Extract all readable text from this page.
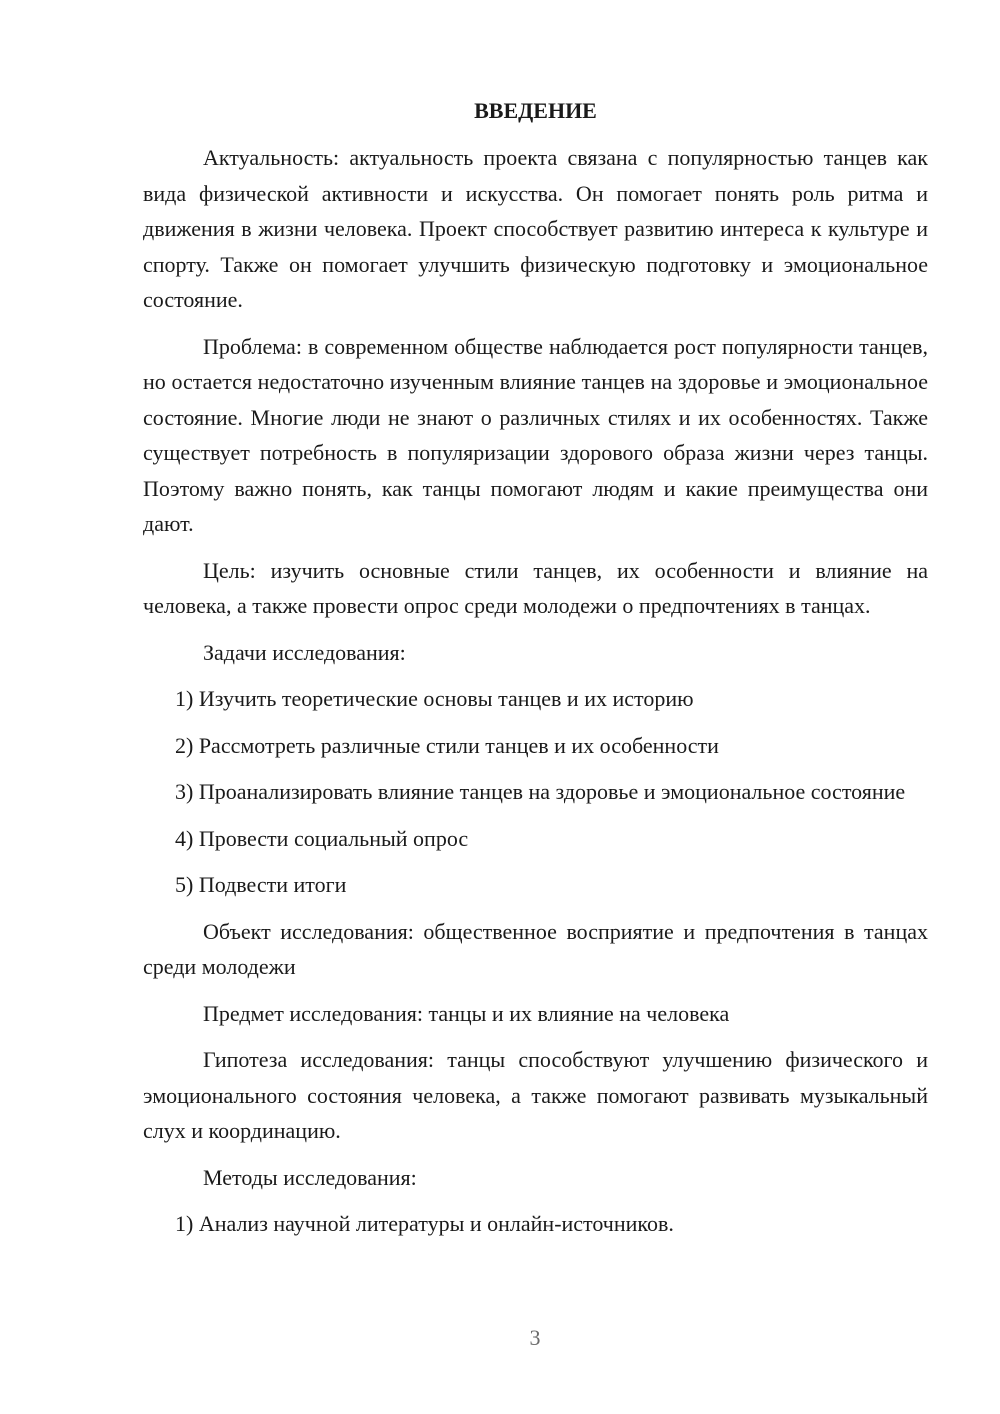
ВВЕДЕНИЕ

Актуальность: актуальность проекта связана с популярностью танцев как вида физической активности и искусства. Он помогает понять роль ритма и движения в жизни человека. Проект способствует развитию интереса к культуре и спорту. Также он помогает улучшить физическую подготовку и эмоциональное состояние.

Проблема: в современном обществе наблюдается рост популярности танцев, но остается недостаточно изученным влияние танцев на здоровье и эмоциональное состояние. Многие люди не знают о различных стилях и их особенностях. Также существует потребность в популяризации здорового образа жизни через танцы. Поэтому важно понять, как танцы помогают людям и какие преимущества они дают.

Цель: изучить основные стили танцев, их особенности и влияние на человека, а также провести опрос среди молодежи о предпочтениях в танцах.

Задачи исследования:

1) Изучить теоретические основы танцев и их историю

2) Рассмотреть различные стили танцев и их особенности

3) Проанализировать влияние танцев на здоровье и эмоциональное состояние

4) Провести социальный опрос

5) Подвести итоги

Объект исследования: общественное восприятие и предпочтения в танцах среди молодежи

Предмет исследования: танцы и их влияние на человека

Гипотеза исследования: танцы способствуют улучшению физического и эмоционального состояния человека, а также помогают развивать музыкальный слух и координацию.

Методы исследования:

1) Анализ научной литературы и онлайн-источников.

3
